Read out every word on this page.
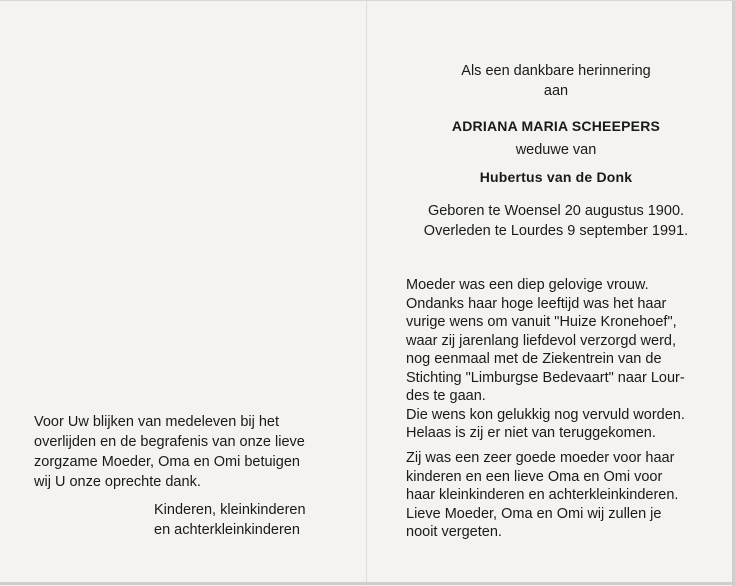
Voor Uw blijken van medeleven bij het
overlijden en de begrafenis van onze lieve
zorgzame Moeder, Oma en Omi betuigen
wij U onze oprechte dank.
Kinderen, kleinkinderen
en achterkleinkinderen
Als een dankbare herinnering
aan
ADRIANA MARIA SCHEEPERS
weduwe van
Hubertus van de Donk
Geboren te Woensel 20 augustus 1900.
Overleden te Lourdes 9 september 1991.
Moeder was een diep gelovige vrouw.
Ondanks haar hoge leeftijd was het haar
vurige wens om vanuit "Huize Kronehoef",
waar zij jarenlang liefdevol verzorgd werd,
nog eenmaal met de Ziekentrein van de
Stichting "Limburgse Bedevaart" naar Lour-
des te gaan.
Die wens kon gelukkig nog vervuld worden.
Helaas is zij er niet van teruggekomen.
Zij was een zeer goede moeder voor haar
kinderen en een lieve Oma en Omi voor
haar kleinkinderen en achterkleinkinderen.
Lieve Moeder, Oma en Omi wij zullen je
nooit vergeten.
